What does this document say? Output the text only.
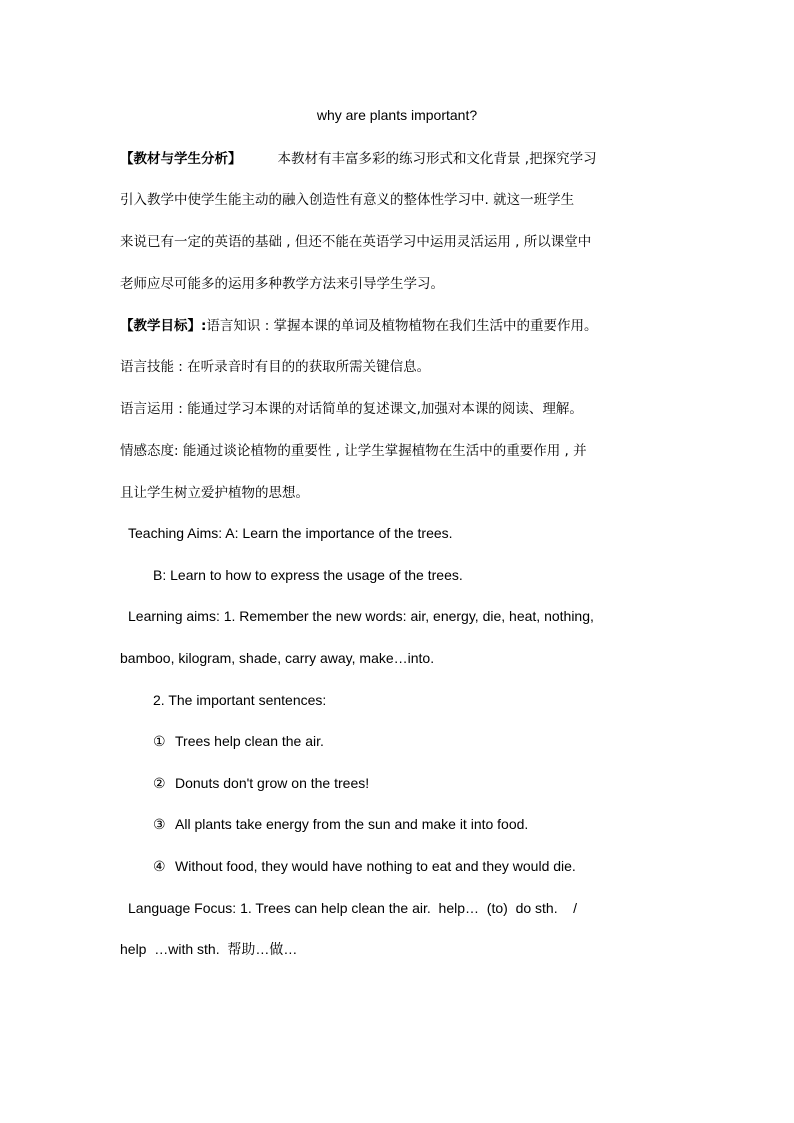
why are plants important?
【教材与学生分析】	本教材有丰富多彩的练习形式和文化背景 ,把探究学习
引入教学中使学生能主动的融入创造性有意义的整体性学习中. 就这一班学生
来说已有一定的英语的基础 , 但还不能在英语学习中运用灵活运用 , 所以课堂中
老师应尽可能多的运用多种教学方法来引导学生学习。
【教学目标】:语言知识 : 掌握本课的单词及植物植物在我们生活中的重要作用。
语言技能 : 在听录音时有目的的获取所需关键信息。
语言运用 : 能通过学习本课的对话简单的复述课文,加强对本课的阅读、理解。
情感态度: 能通过谈论植物的重要性 , 让学生掌握植物在生活中的重要作用 , 并
且让学生树立爱护植物的思想。
Teaching Aims: A: Learn the importance of the trees.
B: Learn to how to express the usage of the trees.
Learning aims: 1. Remember the new words: air, energy, die, heat, nothing,
bamboo, kilogram, shade, carry away, make…into.
2. The important sentences:
① Trees help clean the air.
② Donuts don't grow on the trees!
③ All plants take energy from the sun and make it into food.
④ Without food, they would have nothing to eat and they would die.
Language Focus: 1. Trees can help clean the air.  help…  (to)  do sth.    /
help  …with sth.  帮助…做…
